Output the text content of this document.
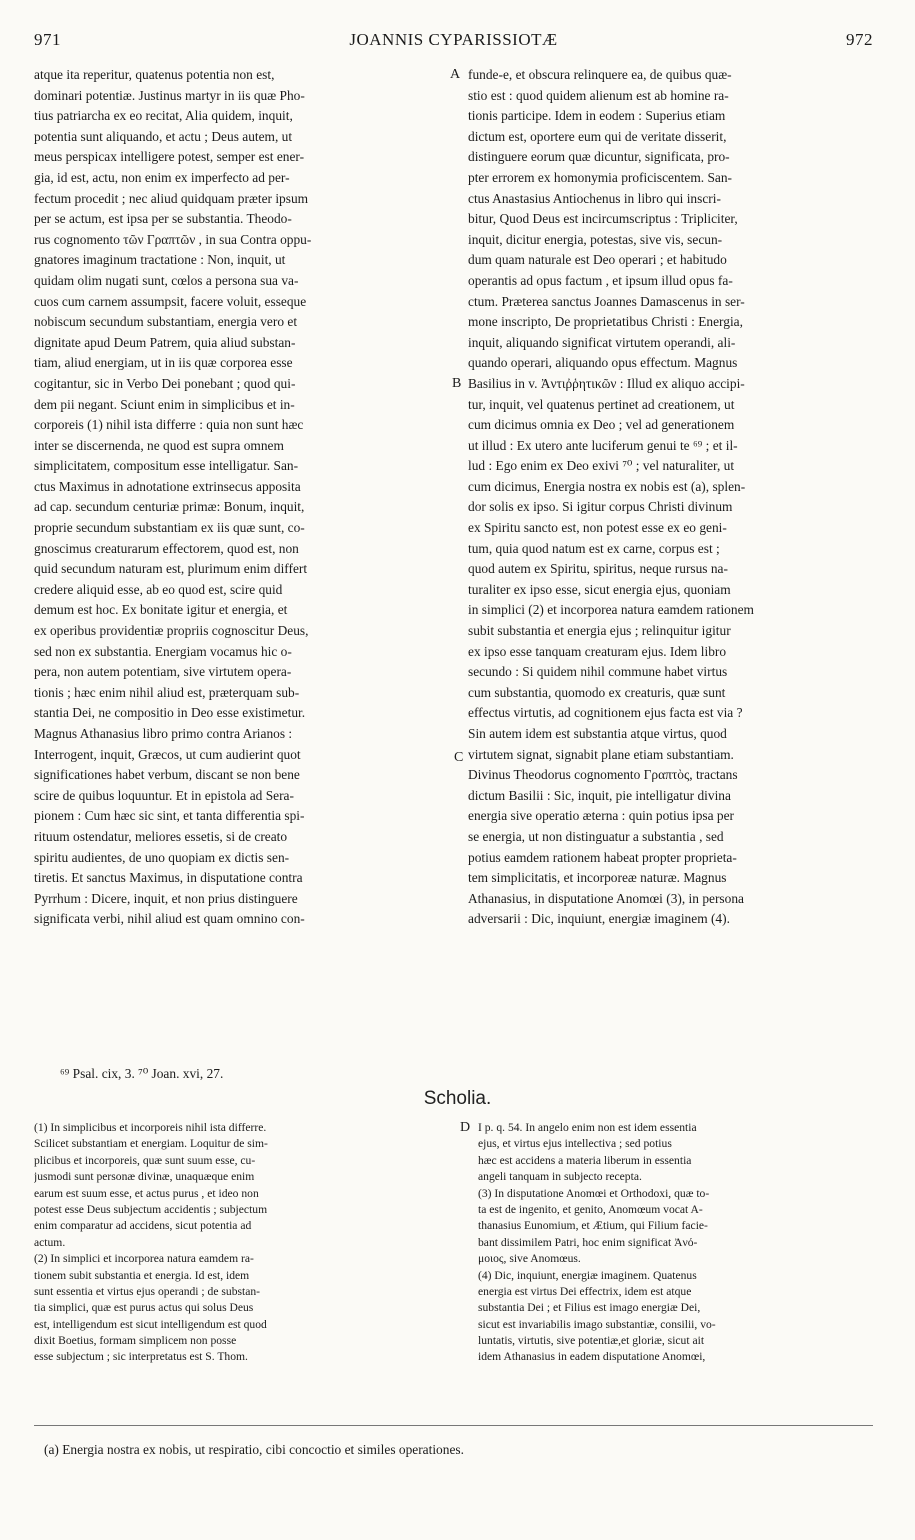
971	JOANNIS CYPARISSIOTÆ	972
atque ita reperitur, quatenus potentia non est,
dominari potentiæ. Justinus martyr in iis quæ Pho-
tius patriarcha ex eo recitat, Alia quidem, inquit,
potentia sunt aliquando, et actu ; Deus autem, ut
meus perspicax intelligere potest, semper est ener-
gia, id est, actu, non enim ex imperfecto ad per-
fectum procedit ; nec aliud quidquam præter ipsum
per se actum, est ipsa per se substantia. Theodo-
rus cognomento τῶν Γραπτῶν , in sua Contra oppu-
gnatores imaginum tractatione : Non, inquit, ut
quidam olim nugati sunt, cœlos a persona sua va-
cuos cum carnem assumpsit, facere voluit, esseque
nobiscum secundum substantiam, energia vero et
dignitate apud Deum Patrem, quia aliud substan-
tiam, aliud energiam, ut in iis quæ corporea esse
cogitantur, sic in Verbo Dei ponebant ; quod qui-
dem pii negant. Sciunt enim in simplicibus et in-
corporeis (1) nihil ista differre : quia non sunt hæc
inter se discernenda, ne quod est supra omnem
simplicitatem, compositum esse intelligatur. San-
ctus Maximus in adnotatione extrinsecus apposita
ad cap. secundum centuriæ primæ: Bonum, inquit,
proprie secundum substantiam ex iis quæ sunt, co-
gnoscimus creaturarum effectorem, quod est, non
quid secundum naturam est, plurimum enim differt
credere aliquid esse, ab eo quod est, scire quid
demum est hoc. Ex bonitate igitur et energia, et
ex operibus providentiæ propriis cognoscitur Deus,
sed non ex substantia. Energiam vocamus hic o-
pera, non autem potentiam, sive virtutem opera-
tionis ; hæc enim nihil aliud est, præterquam sub-
stantia Dei, ne compositio in Deo esse existimetur.
Magnus Athanasius libro primo contra Arianos :
Interrogent, inquit, Græcos, ut cum audierint quot
significationes habet verbum, discant se non bene
scire de quibus loquuntur. Et in epistola ad Sera-
pionem : Cum hæc sic sint, et tanta differentia spi-
rituum ostendatur, meliores essetis, si de creato
spiritu audientes, de uno quopiam ex dictis sen-
tiretis. Et sanctus Maximus, in disputatione contra
Pyrrhum : Dicere, inquit, et non prius distinguere
significata verbi, nihil aliud est quam omnino con-
funde-e, et obscura relinquere ea, de quibus quæ-
stio est : quod quidem alienum est ab homine ra-
tionis participe. Idem in eodem : Superius etiam
dictum est, oportere eum qui de veritate disserit,
distinguere eorum quæ dicuntur, significata, pro-
pter errorem ex homonymia proficiscentem. San-
ctus Anastasius Antiochenus in libro qui inscri-
bitur, Quod Deus est incircumscriptus : Tripliciter,
inquit, dicitur energia, potestas, sive vis, secun-
dum quam naturale est Deo operari ; et habitudo
operantis ad opus factum , et ipsum illud opus fa-
ctum. Præterea sanctus Joannes Damascenus in ser-
mone inscripto, De proprietatibus Christi : Energia,
inquit, aliquando significat virtutem operandi, ali-
quando operari, aliquando opus effectum. Magnus
Basilius in v. Ἀντιῤῥητικῶν : Illud ex aliquo accipi-
tur, inquit, vel quatenus pertinet ad creationem, ut
cum dicimus omnia ex Deo ; vel ad generationem
ut illud : Ex utero ante luciferum genui te ⁶⁹ ; et il-
lud : Ego enim ex Deo exivi ⁷⁰ ; vel naturaliter, ut
cum dicimus, Energia nostra ex nobis est (a), splen-
dor solis ex ipso. Si igitur corpus Christi divinum
ex Spiritu sancto est, non potest esse ex eo geni-
tum, quia quod natum est ex carne, corpus est ;
quod autem ex Spiritu, spiritus, neque rursus na-
turaliter ex ipso esse, sicut energia ejus, quoniam
in simplici (2) et incorporea natura eamdem rationem
subit substantia et energia ejus ; relinquitur igitur
ex ipso esse tanquam creaturam ejus. Idem libro
secundo : Si quidem nihil commune habet virtus
cum substantia, quomodo ex creaturis, quæ sunt
effectus virtutis, ad cognitionem ejus facta est via ?
Sin autem idem est substantia atque virtus, quod
virtutem signat, signabit plane etiam substantiam.
Divinus Theodorus cognomento Γραπτὸς, tractans
dictum Basilii : Sic, inquit, pie intelligatur divina
energia sive operatio æterna : quin potius ipsa per
se energia, ut non distinguatur a substantia , sed
potius eamdem rationem habeat propter proprieta-
tem simplicitatis, et incorporeæ naturæ. Magnus
Athanasius, in disputatione Anomœi (3), in persona
adversarii : Dic, inquiunt, energiæ imaginem (4).
A
B
C
D
⁶⁹ Psal. cix, 3. ⁷⁰ Joan. xvi, 27.
Scholia.
(1) In simplicibus et incorporeis nihil ista differre.
Scilicet substantiam et energiam. Loquitur de sim-
plicibus et incorporeis, quæ sunt suum esse, cu-
jusmodi sunt personæ divinæ, unaquæque enim
earum est suum esse, et actus purus , et ideo non
potest esse Deus subjectum accidentis ; subjectum
enim comparatur ad accidens, sicut potentia ad
actum.
(2) In simplici et incorporea natura eamdem ra-
tionem subit substantia et energia. Id est, idem
sunt essentia et virtus ejus operandi ; de substan-
tia simplici, quæ est purus actus qui solus Deus
est, intelligendum est sicut intelligendum est quod
dixit Boetius, formam simplicem non posse
esse subjectum ; sic interpretatus est S. Thom.
I p. q. 54. In angelo enim non est idem essentia
ejus, et virtus ejus intellectiva ; sed potius
hæc est accidens a materia liberum in essentia
angeli tanquam in subjecto recepta.
(3) In disputatione Anomœi et Orthodoxi, quæ to-
ta est de ingenito, et genito, Anomœum vocat A-
thanasius Eunomium, et Ætium, qui Filium facie-
bant dissimilem Patri, hoc enim significat Ἀνό-
μοιος, sive Anomœus.
(4) Dic, inquiunt, energiæ imaginem. Quatenus
energia est virtus Dei effectrix, idem est atque
substantia Dei ; et Filius est imago energiæ Dei,
sicut est invariabilis imago substantiæ, consilii, vo-
luntatis, virtutis, sive potentiæ,et gloriæ, sicut ait
idem Athanasius in eadem disputatione Anomœi,
(a) Energia nostra ex nobis, ut respiratio, cibi concoctio et similes operationes.
